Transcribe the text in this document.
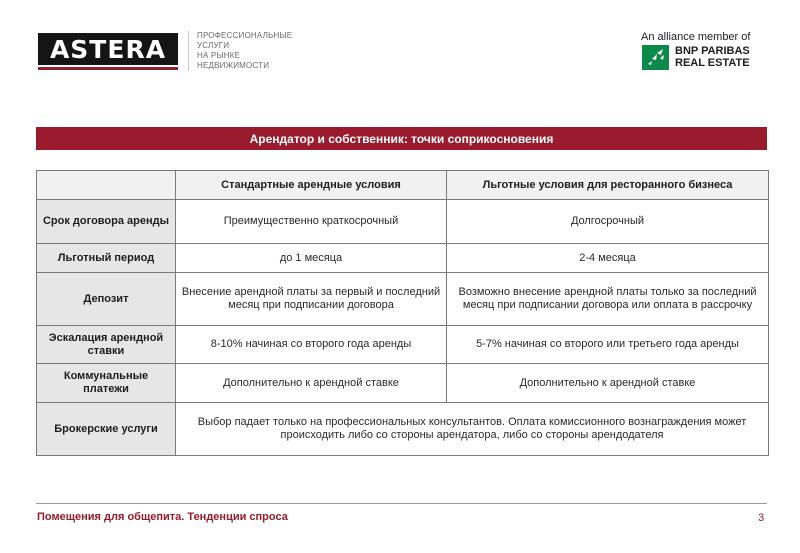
ASTERA	ПРОФЕССИОНАЛЬНЫЕ
УСЛУГИ
НА РЫНКЕ
НЕДВИЖИМОСТИ
An alliance member of
BNP PARIBAS
REAL ESTATE
Арендатор и собственник: точки соприкосновения
	Стандартные арендные условия	Льготные условия для ресторанного бизнеса
Срок договора аренды	Преимущественно краткосрочный	Долгосрочный
Льготный период	до 1 месяца	2-4 месяца
Депозит	Внесение арендной платы за первый и последний месяц при подписании договора	Возможно внесение арендной платы только за последний месяц при подписании договора или оплата в рассрочку
Эскалация арендной ставки	8-10% начиная со второго года аренды	5-7% начиная со второго или третьего года аренды
Коммунальные платежи	Дополнительно к арендной ставке	Дополнительно к арендной ставке
Брокерские услуги	Выбор падает только на профессиональных консультантов. Оплата комиссионного вознаграждения может происходить либо со стороны арендатора, либо со стороны арендодателя	
Помещения для общепита. Тенденции спроса	3
